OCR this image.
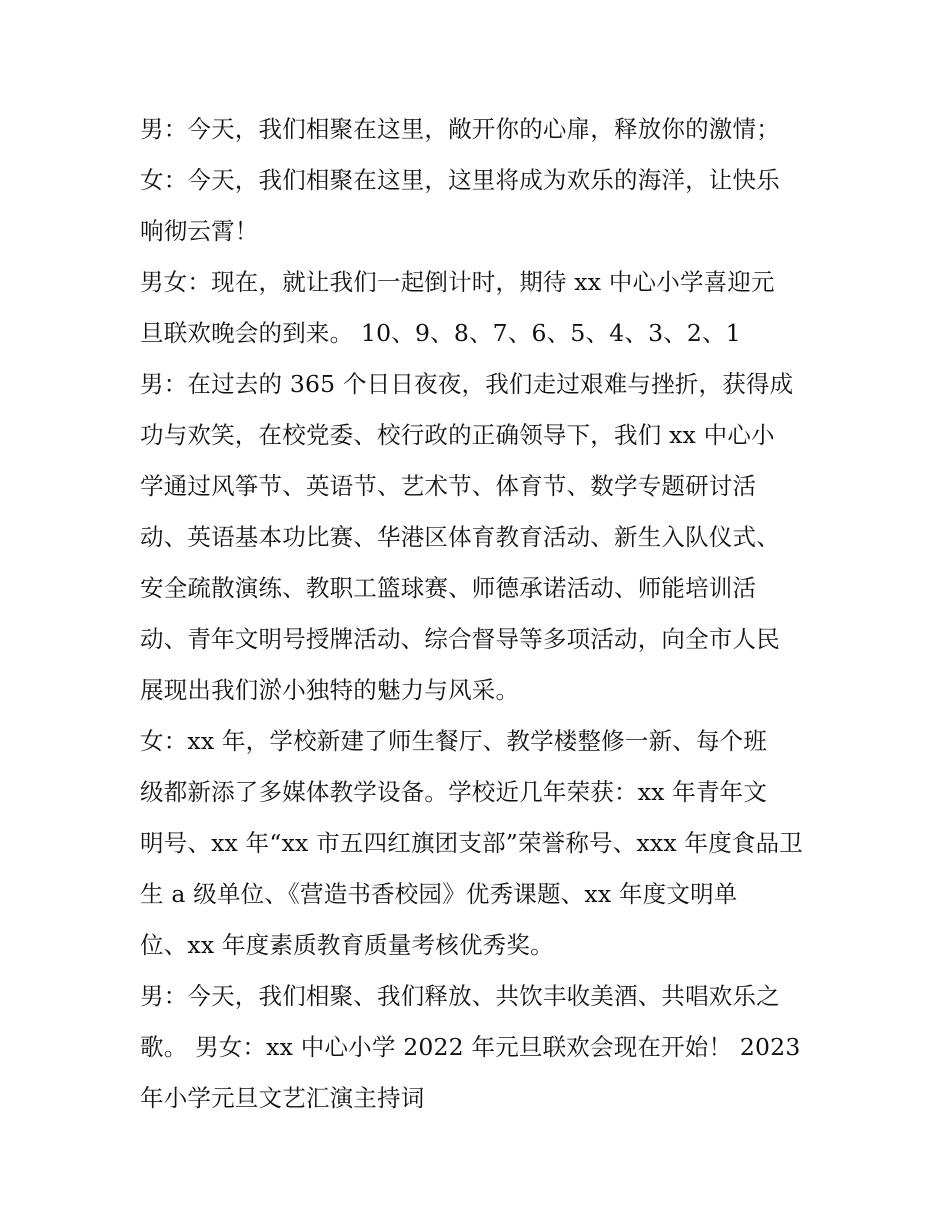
男：今天，我们相聚在这里，敞开你的心扉，释放你的激情；
女：今天，我们相聚在这里，这里将成为欢乐的海洋，让快乐
响彻云霄！
男女：现在，就让我们一起倒计时，期待 xx 中心小学喜迎元
旦联欢晚会的到来。 10、9、8、7、6、5、4、3、2、1
男：在过去的 365 个日日夜夜，我们走过艰难与挫折，获得成
功与欢笑，在校党委、校行政的正确领导下，我们 xx 中心小
学通过风筝节、英语节、艺术节、体育节、数学专题研讨活
动、英语基本功比赛、华港区体育教育活动、新生入队仪式、
安全疏散演练、教职工篮球赛、师德承诺活动、师能培训活
动、青年文明号授牌活动、综合督导等多项活动，向全市人民
展现出我们淤小独特的魅力与风采。
女：xx 年，学校新建了师生餐厅、教学楼整修一新、每个班
级都新添了多媒体教学设备。学校近几年荣获：xx 年青年文
明号、xx 年“xx 市五四红旗团支部”荣誉称号、xxx 年度食品卫
生 a 级单位、《营造书香校园》优秀课题、xx 年度文明单
位、xx 年度素质教育质量考核优秀奖。
男：今天，我们相聚、我们释放、共饮丰收美酒、共唱欢乐之
歌。 男女：xx 中心小学 2022 年元旦联欢会现在开始！ 2023
年小学元旦文艺汇演主持词
